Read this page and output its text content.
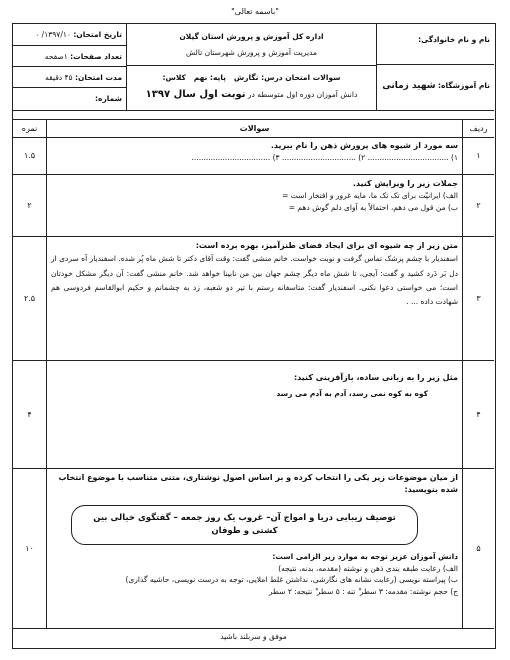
"باسمه تعالی"
نام و نام خانوادگی:
نام آموزشگاه: شهید زمانی
اداره کل آموزش و پرورش استان گیلان
مدیریت آموزش و پرورش شهرستان تالش
سوالات امتحان درس: نگارش   پایه: نهم   کلاس:
دانش آموزان دوره اول متوسطه در نوبت اول سال ۱۳۹۷
تاریخ امتحان: ۱۳۹۷/۱۰/ ۰
تعداد صفحات: ۱صفحه
مدت امتحان: ۴۵ دقیقه
شماره:
ردیف
سوالات
نمره
۱
سه مورد از شیوه های پرورش ذهن را نام ببرید.
۱) .................................. ۲) ............................... ۳) .................................
۱.۵
۲
جملات زیر را ویرایش کنید.
الف) ایرانیّت برای تک تک ما، مایه غرور و افتخار است =
ب) من قول می دهم، احتمالاً به آوای دلم گوش دهم =
۲
۳
متن زیر از چه شیوه ای برای ایجاد فضای طنزآمیز، بهره برده است:
اسفندیار با چشم پزشک تماس گرفت و نوبت خواست. خانم منشی گفت: وقت آقای دکتر تا شش ماه پُر شده. اسفندیار آه سردی از دل بَر دَرد کشید و گفت: آیجی، تا شش ماه دیگر چشم جهان بین من نابینا خواهد شد. خانم منشی گفت: آن دیگر مشکل خودتان است؛ می خواستی دعوا نکنی. اسفندیار گفت: متاسفانه رستم با تیر دو شعبه، زد به چشمانم و حکیم ابوالقاسم فردوسی هم شهادت داده ... .
۲.۵
۴
مثل زیر را به زبانی ساده، بازآفرینی کنید:
کوه به کوه نمی رسد، آدم به آدم می رسد
۴
۵
از میان موضوعات زیر یکی را انتخاب کرده و بر اساس اصول نوشتاری، متنی متناسب با موضوع انتخاب شده بنویسید:
توصیف زیبایی دریا و امواج آن– غروب یک روز جمعه – گفتگوی خیالی بین کشتی و طوفان
دانش آموزان عزیز توجه به موارد زیر الزامی است:
الف) رعایت طبقه بندی ذهن و نوشته (مقدمه، بدنه، نتیجه)
ب) پیراسته نویسی (رعایت نشانه های نگارشی، نداشتن غلط املایی، توجه به درست نویسی، حاشیه گذاری)
ج) حجم نوشته: مقدمه: ۳ سطر ⃰ تنه : ۵ سطر ⃰ نتیجه: ۲ سطر
۱۰
موفق و سربلند باشید
